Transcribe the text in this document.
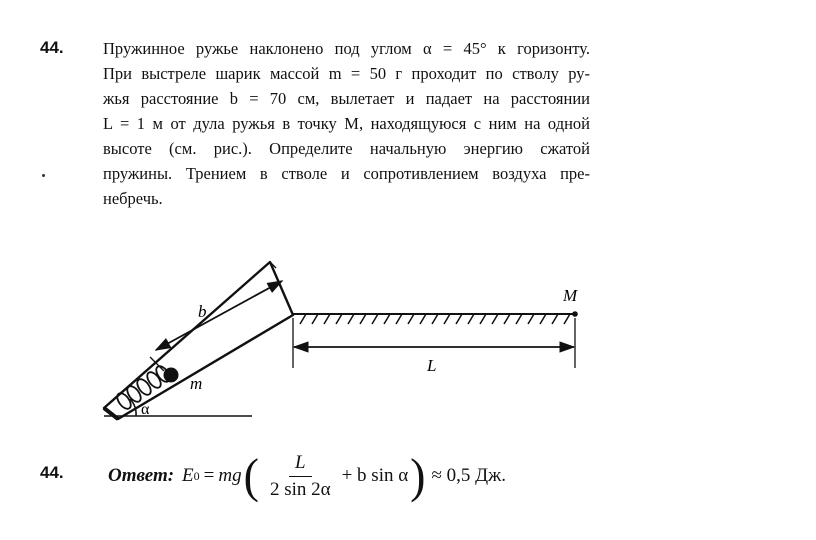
44. Пружинное ружье наклонено под углом α = 45° к горизонту.
При выстреле шарик массой m = 50 г проходит по стволу ру-
жья расстояние b = 70 см, вылетает и падает на расстоянии
L = 1 м от дула ружья в точку M, находящуюся с ним на одной
высоте (см. рис.). Определите начальную энергию сжатой
пружины. Трением в стволе и сопротивлением воздуха пре-
небречь.
b
m
α
L
M
44. Ответ: E 0 = mg ( $\frac{L}{2 \sin 2\alpha} + b$ sin α ) ≈ 0,5 Дж.
